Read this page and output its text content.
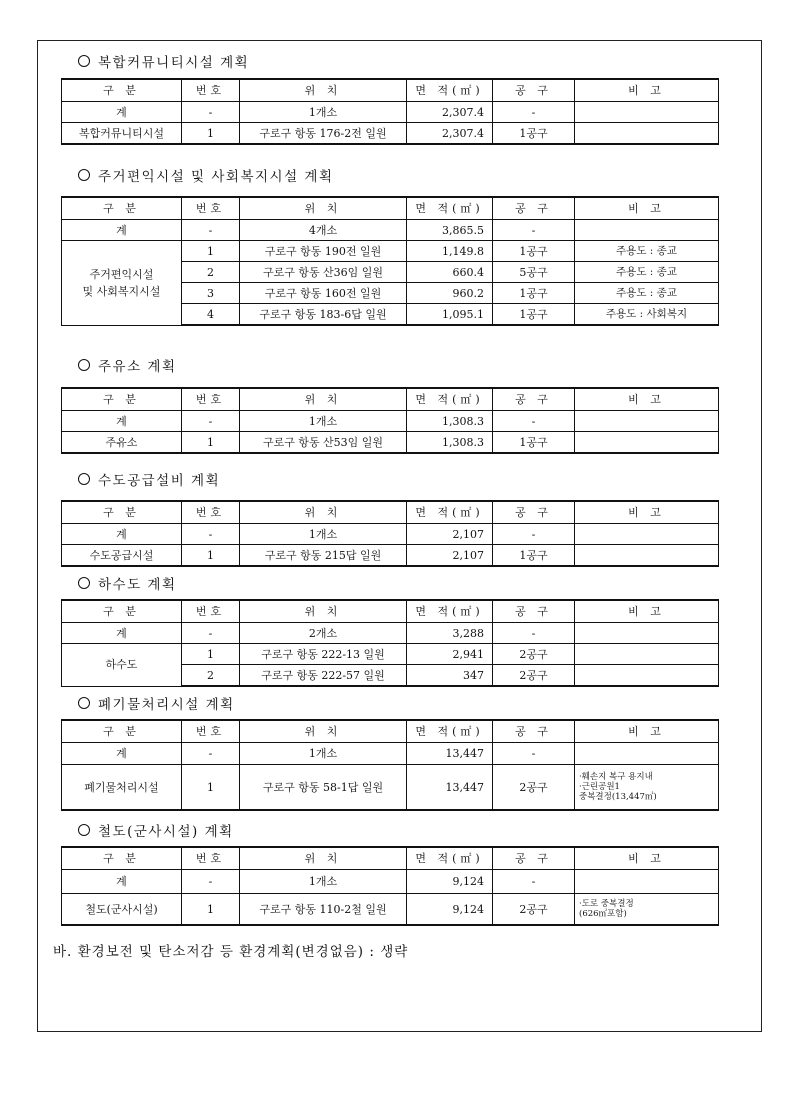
복합커뮤니티시설 계획
구 분	번호	위 치	면 적(㎡)	공 구	비 고
계	-	1개소	2,307.4	-	
복합커뮤니티시설	1	구로구 항동 176-2전 일원	2,307.4	1공구	
주거편익시설 및 사회복지시설 계획
구 분	번호	위 치	면 적(㎡)	공 구	비 고
계	-	4개소	3,865.5	-	
주거편익시설
및 사회복지시설	1	구로구 항동 190전 일원	1,149.8	1공구	주용도 : 종교
	2	구로구 항동 산36임 일원	660.4	5공구	주용도 : 종교
	3	구로구 항동 160전 일원	960.2	1공구	주용도 : 종교
	4	구로구 항동 183-6답 일원	1,095.1	1공구	주용도 : 사회복지
주유소 계획
구 분	번호	위 치	면 적(㎡)	공 구	비 고
계	-	1개소	1,308.3	-	
주유소	1	구로구 항동 산53임 일원	1,308.3	1공구	
수도공급설비 계획
구 분	번호	위 치	면 적(㎡)	공 구	비 고
계	-	1개소	2,107	-	
수도공급시설	1	구로구 항동 215답 일원	2,107	1공구	
하수도 계획
구 분	번호	위 치	면 적(㎡)	공 구	비 고
계	-	2개소	3,288	-	
하수도	1	구로구 항동 222-13 일원	2,941	2공구	
	2	구로구 항동 222-57 일원	347	2공구	
폐기물처리시설 계획
구 분	번호	위 치	면 적(㎡)	공 구	비 고
계	-	1개소	13,447	-	
폐기물처리시설	1	구로구 항동 58-1답 일원	13,447	2공구	·훼손지 복구 용지내
·근린공원1
중복결정(13,447㎡)
철도(군사시설) 계획
구 분	번호	위 치	면 적(㎡)	공 구	비 고
계	-	1개소	9,124	-	
철도(군사시설)	1	구로구 항동 110-2철 일원	9,124	2공구	·도로 중복결정
(626㎡포함)
바. 환경보전 및 탄소저감 등 환경계획(변경없음) : 생략
